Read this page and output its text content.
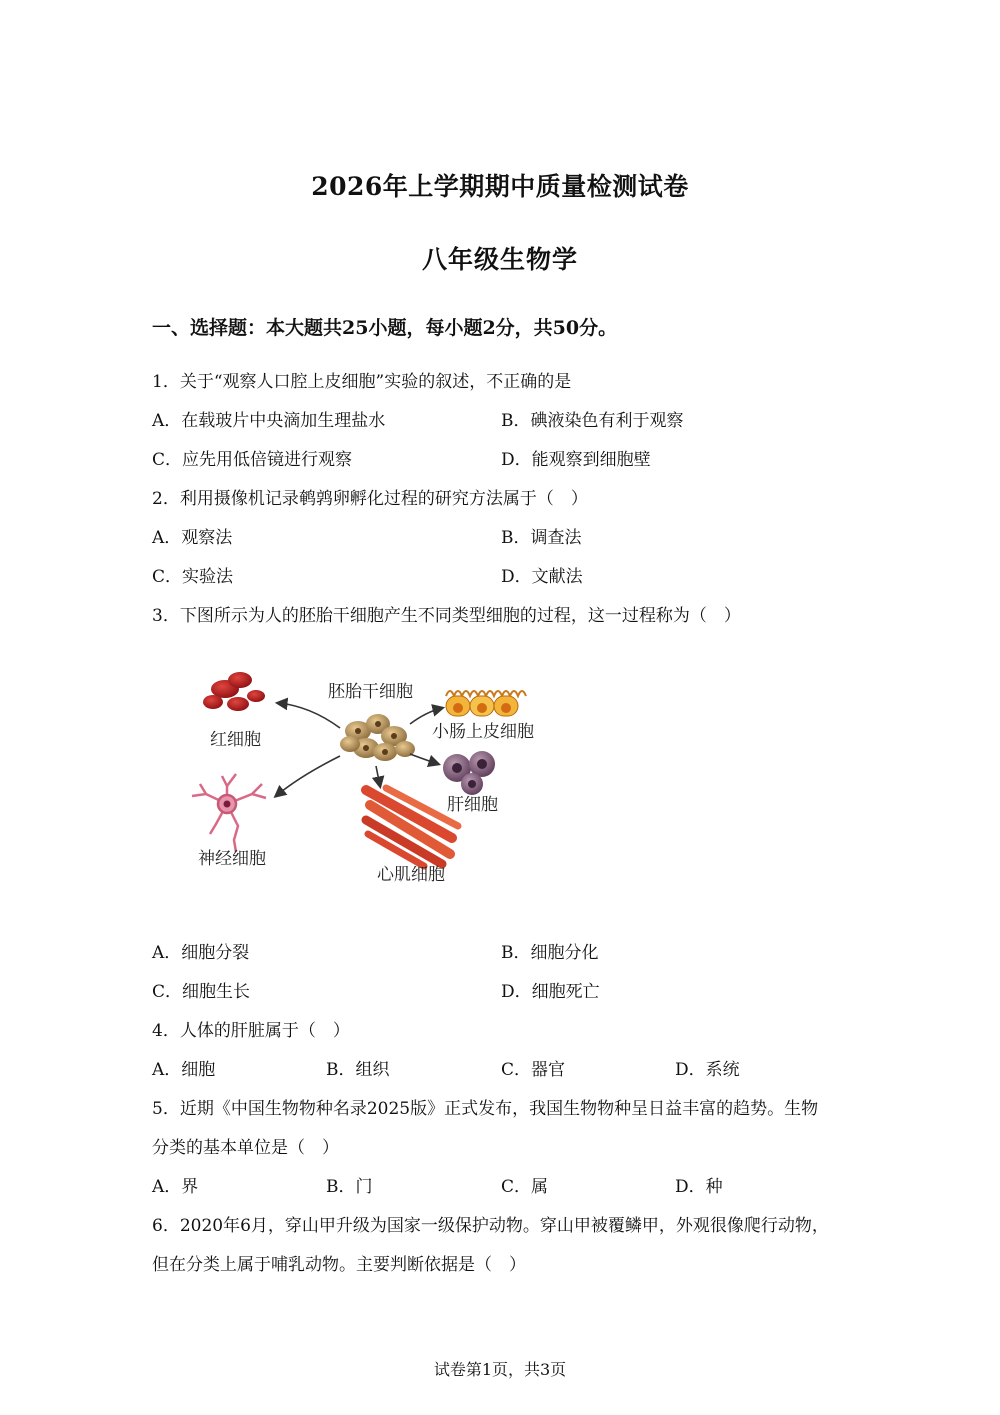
2026年上学期期中质量检测试卷
八年级生物学
一、选择题：本大题共25小题，每小题2分，共50分。
1．关于“观察人口腔上皮细胞”实验的叙述，不正确的是
A．在载玻片中央滴加生理盐水	B．碘液染色有利于观察
C．应先用低倍镜进行观察	D．能观察到细胞壁
2．利用摄像机记录鹌鹑卵孵化过程的研究方法属于（　）
A．观察法	B．调查法
C．实验法	D．文献法
3．下图所示为人的胚胎干细胞产生不同类型细胞的过程，这一过程称为（　）
胚胎干细胞
红细胞	小肠上皮细胞
肝细胞
神经细胞
心肌细胞
A．细胞分裂	B．细胞分化
C．细胞生长	D．细胞死亡
4．人体的肝脏属于（　）
A．细胞	B．组织	C．器官	D．系统
5．近期《中国生物物种名录2025版》正式发布，我国生物物种呈日益丰富的趋势。生物
分类的基本单位是（　）
A．界	B．门	C．属	D．种
6．2020年6月，穿山甲升级为国家一级保护动物。穿山甲被覆鳞甲，外观很像爬行动物，
但在分类上属于哺乳动物。主要判断依据是（　）
试卷第1页，共3页
